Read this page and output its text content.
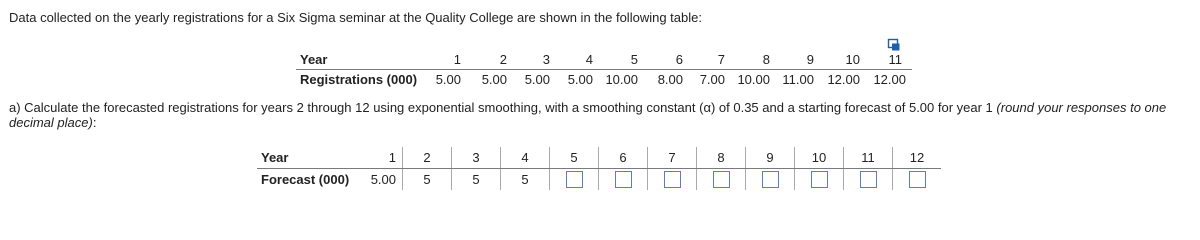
Data collected on the yearly registrations for a Six Sigma seminar at the Quality College are shown in the following table:
Year	1	2	3	4	5	6	7	8	9	10	11
Registrations (000)	5.00	5.00	5.00	5.00	10.00	8.00	7.00	10.00	11.00	12.00	12.00
a) Calculate the forecasted registrations for years 2 through 12 using exponential smoothing, with a smoothing constant (α) of 0.35 and a starting forecast of 5.00 for year 1 (round your responses to one decimal place):
Year	1	2	3	4	5	6	7	8	9	10	11	12
Forecast (000)	5.00	5	5	5								
